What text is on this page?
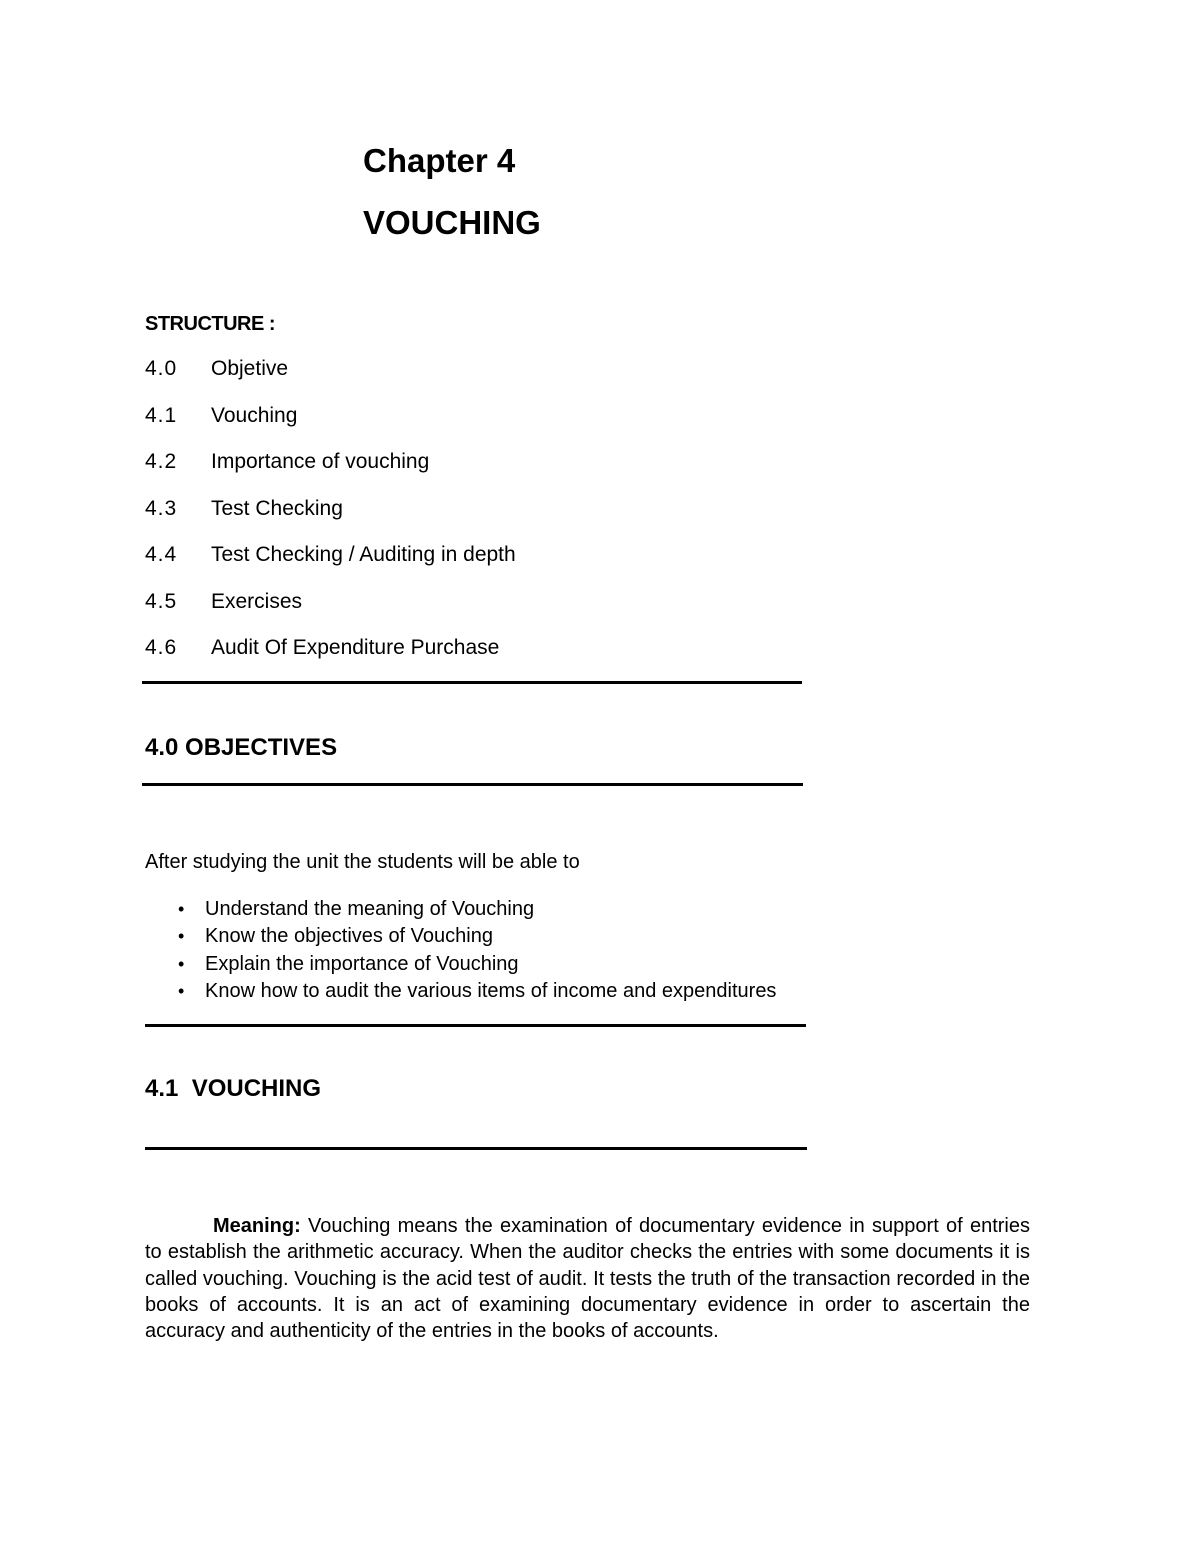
Chapter 4
VOUCHING
STRUCTURE :
4.0 Objetive
4.1 Vouching
4.2 Importance of vouching
4.3 Test Checking
4.4 Test Checking / Auditing in depth
4.5 Exercises
4.6 Audit Of Expenditure Purchase
4.0 OBJECTIVES

After studying the unit the students will be able to

• Understand the meaning of Vouching
• Know the objectives of Vouching
• Explain the importance of Vouching
• Know how to audit the various items of income and expenditures
4.1  VOUCHING

Meaning: Vouching means the examination of documentary evidence in support of entries to establish the arithmetic accuracy. When the auditor checks the entries with some documents it is called vouching. Vouching is the acid test of audit. It tests the truth of the transaction recorded in the books of accounts. It is an act of examining documentary evidence in order to ascertain the accuracy and authenticity of the entries in the books of accounts.
